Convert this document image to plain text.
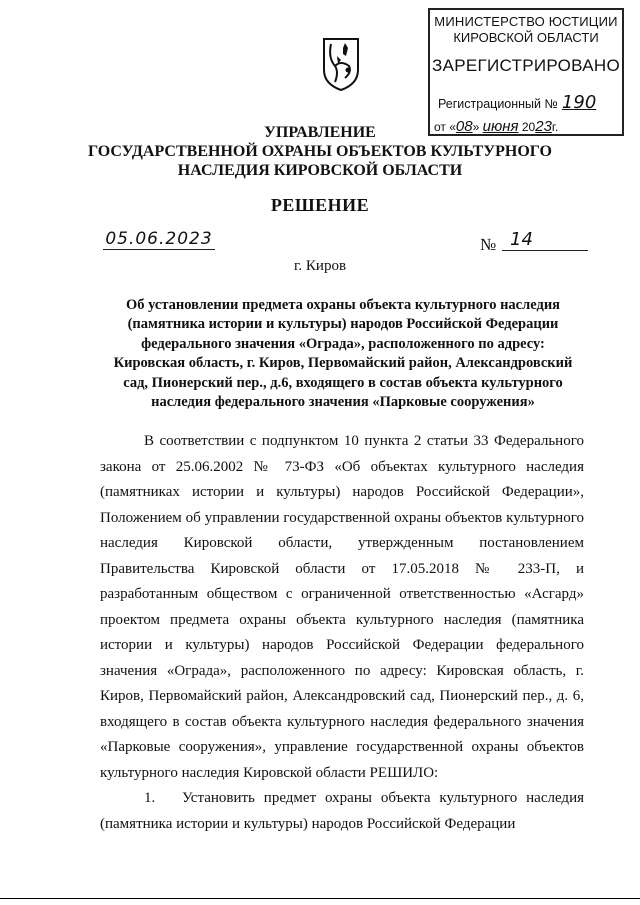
МИНИСТЕРСТВО ЮСТИЦИИ
КИРОВСКОЙ ОБЛАСТИ
ЗАРЕГИСТРИРОВАНО
Регистрационный № 190
от «08» июня 2023г.
УПРАВЛЕНИЕ
ГОСУДАРСТВЕННОЙ ОХРАНЫ ОБЪЕКТОВ КУЛЬТУРНОГО
НАСЛЕДИЯ КИРОВСКОЙ ОБЛАСТИ
РЕШЕНИЕ
05.06.2023	№ 14
г. Киров
Об установлении предмета охраны объекта культурного наследия (памятника истории и культуры) народов Российской Федерации федерального значения «Ограда», расположенного по адресу: Кировская область, г. Киров, Первомайский район, Александровский сад, Пионерский пер., д.6, входящего в состав объекта культурного наследия федерального значения «Парковые сооружения»

В соответствии с подпунктом 10 пункта 2 статьи 33 Федерального закона от 25.06.2002 № 73-ФЗ «Об объектах культурного наследия (памятниках истории и культуры) народов Российской Федерации», Положением об управлении государственной охраны объектов культурного наследия Кировской области, утвержденным постановлением Правительства Кировской области от 17.05.2018 № 233-П, и разработанным обществом с ограниченной ответственностью «Асгард» проектом предмета охраны объекта культурного наследия (памятника истории и культуры) народов Российской Федерации федерального значения «Ограда», расположенного по адресу: Кировская область, г. Киров, Первомайский район, Александровский сад, Пионерский пер., д. 6, входящего в состав объекта культурного наследия федерального значения «Парковые сооружения», управление государственной охраны объектов культурного наследия Кировской области РЕШИЛО:

1.   Установить предмет охраны объекта культурного наследия (памятника истории и культуры) народов Российской Федерации
